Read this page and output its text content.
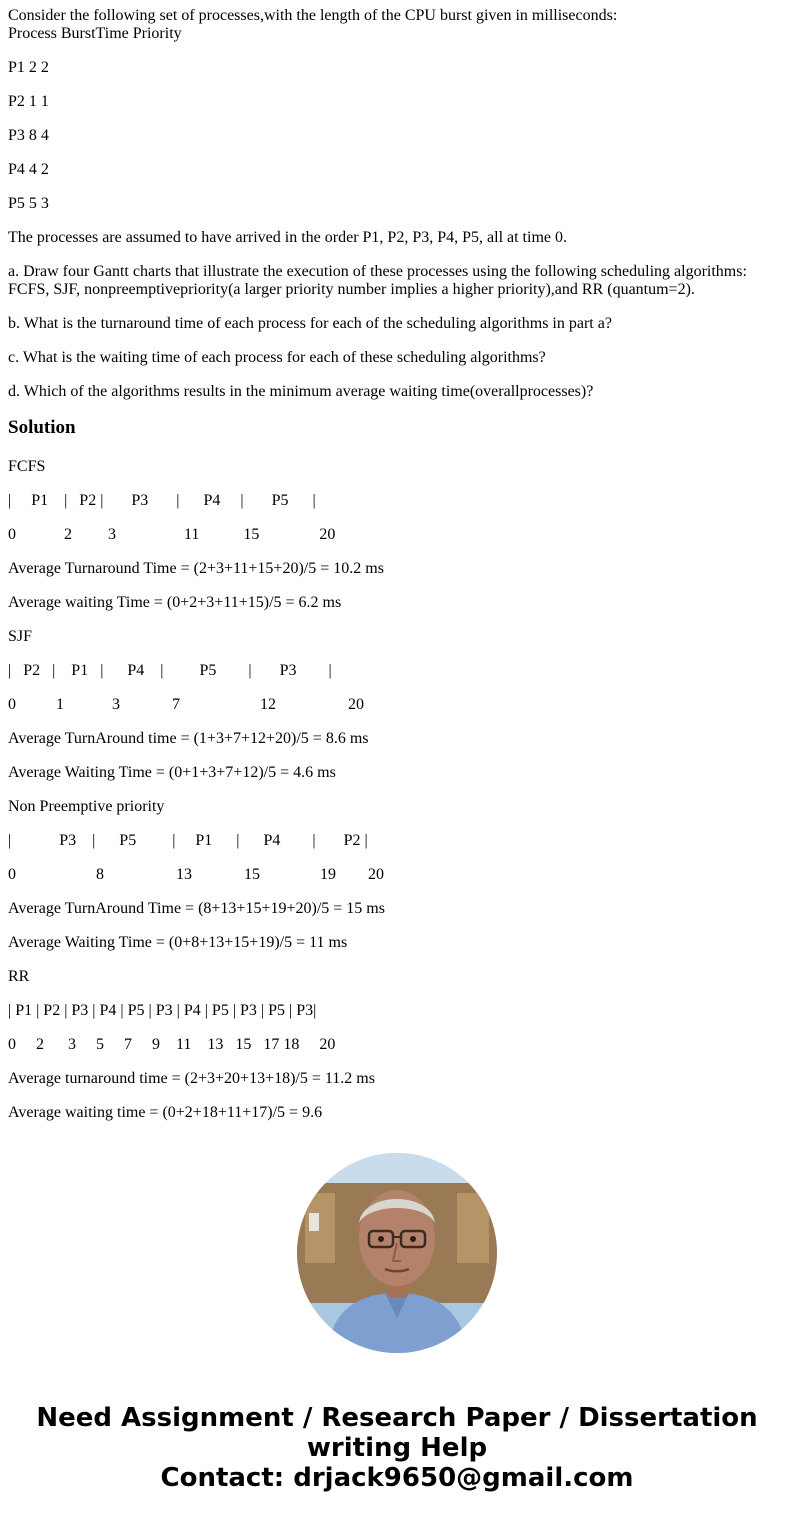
Consider the following set of processes,with the length of the CPU burst given in milliseconds:

Process BurstTime Priority

P1 2 2

P2 1 1

P3 8 4

P4 4 2

P5 5 3

The processes are assumed to have arrived in the order P1, P2, P3, P4, P5, all at time 0.

a. Draw four Gantt charts that illustrate the execution of these processes using the following scheduling algorithms: FCFS, SJF, nonpreemptivepriority(a larger priority number implies a higher priority),and RR (quantum=2).

b. What is the turnaround time of each process for each of the scheduling algorithms in part a?

c. What is the waiting time of each process for each of these scheduling algorithms?

d. Which of the algorithms results in the minimum average waiting time(overallprocesses)?

Solution

FCFS

|     P1    |   P2 |       P3       |      P4     |       P5      |

0            2         3                 11           15               20

Average Turnaround Time = (2+3+11+15+20)/5 = 10.2 ms

Average waiting Time = (0+2+3+11+15)/5 = 6.2 ms

SJF

|   P2   |    P1   |      P4    |         P5        |       P3        |

0          1            3             7                    12                  20

Average TurnAround time = (1+3+7+12+20)/5 = 8.6 ms

Average Waiting Time = (0+1+3+7+12)/5 = 4.6 ms

Non Preemptive priority

|            P3    |      P5         |     P1      |      P4        |       P2 |

0                    8                  13             15               19        20

Average TurnAround Time = (8+13+15+19+20)/5 = 15 ms

Average Waiting Time = (0+8+13+15+19)/5 = 11 ms

RR

| P1 | P2 | P3 | P4 | P5 | P3 | P4 | P5 | P3 | P5 | P3|

0     2      3     5     7     9    11    13   15   17 18     20

Average turnaround time = (2+3+20+13+18)/5 = 11.2 ms

Average waiting time = (0+2+18+11+17)/5 = 9.6

Need Assignment / Research Paper / Dissertation
writing Help
Contact: drjack9650@gmail.com
